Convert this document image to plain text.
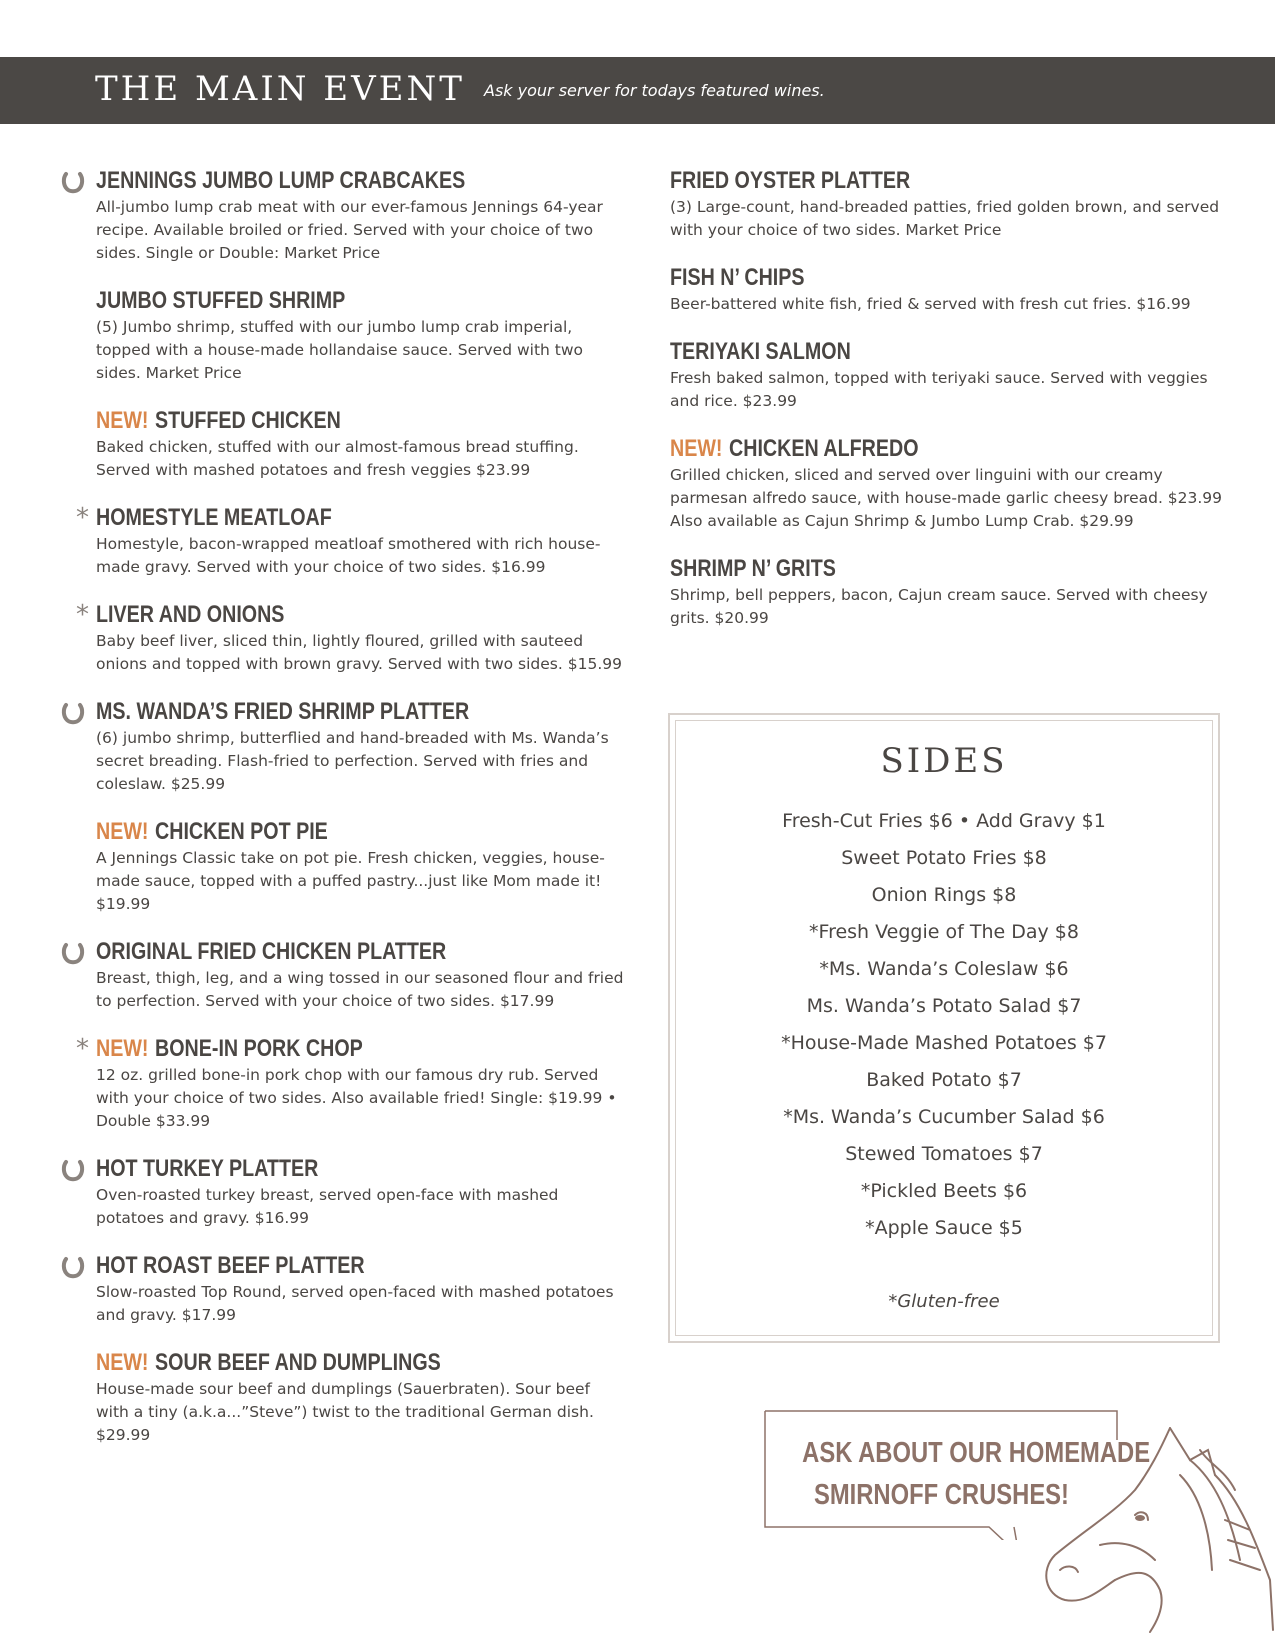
THE MAIN EVENT Ask your server for todays featured wines.
JENNINGS JUMBO LUMP CRABCAKES
All-jumbo lump crab meat with our ever-famous Jennings 64-year recipe. Available broiled or fried. Served with your choice of two sides. Single or Double: Market Price
JUMBO STUFFED SHRIMP
(5) Jumbo shrimp, stuffed with our jumbo lump crab imperial, topped with a house-made hollandaise sauce. Served with two sides. Market Price
NEW! STUFFED CHICKEN
Baked chicken, stuffed with our almost-famous bread stuffing. Served with mashed potatoes and fresh veggies $23.99
* HOMESTYLE MEATLOAF
Homestyle, bacon-wrapped meatloaf smothered with rich house-made gravy. Served with your choice of two sides. $16.99
* LIVER AND ONIONS
Baby beef liver, sliced thin, lightly floured, grilled with sauteed onions and topped with brown gravy. Served with two sides. $15.99
MS. WANDA’S FRIED SHRIMP PLATTER
(6) jumbo shrimp, butterflied and hand-breaded with Ms. Wanda’s secret breading. Flash-fried to perfection. Served with fries and coleslaw. $25.99
NEW! CHICKEN POT PIE
A Jennings Classic take on pot pie. Fresh chicken, veggies, house-made sauce, topped with a puffed pastry...just like Mom made it! $19.99
ORIGINAL FRIED CHICKEN PLATTER
Breast, thigh, leg, and a wing tossed in our seasoned flour and fried to perfection. Served with your choice of two sides. $17.99
* NEW! BONE-IN PORK CHOP
12 oz. grilled bone-in pork chop with our famous dry rub. Served with your choice of two sides. Also available fried! Single: $19.99 • Double $33.99
HOT TURKEY PLATTER
Oven-roasted turkey breast, served open-face with mashed potatoes and gravy. $16.99
HOT ROAST BEEF PLATTER
Slow-roasted Top Round, served open-faced with mashed potatoes and gravy. $17.99
NEW! SOUR BEEF AND DUMPLINGS
House-made sour beef and dumplings (Sauerbraten). Sour beef with a tiny (a.k.a...”Steve”) twist to the traditional German dish. $29.99
FRIED OYSTER PLATTER
(3) Large-count, hand-breaded patties, fried golden brown, and served with your choice of two sides. Market Price
FISH N’ CHIPS
Beer-battered white fish, fried & served with fresh cut fries. $16.99
TERIYAKI SALMON
Fresh baked salmon, topped with teriyaki sauce. Served with veggies and rice. $23.99
NEW! CHICKEN ALFREDO
Grilled chicken, sliced and served over linguini with our creamy parmesan alfredo sauce, with house-made garlic cheesy bread. $23.99 Also available as Cajun Shrimp & Jumbo Lump Crab. $29.99
SHRIMP N’ GRITS
Shrimp, bell peppers, bacon, Cajun cream sauce. Served with cheesy grits. $20.99
SIDES
Fresh-Cut Fries $6 • Add Gravy $1
Sweet Potato Fries $8
Onion Rings $8
*Fresh Veggie of The Day $8
*Ms. Wanda’s Coleslaw $6
Ms. Wanda’s Potato Salad $7
*House-Made Mashed Potatoes $7
Baked Potato $7
*Ms. Wanda’s Cucumber Salad $6
Stewed Tomatoes $7
*Pickled Beets $6
*Apple Sauce $5
*Gluten-free
ASK ABOUT OUR HOMEMADE
SMIRNOFF CRUSHES!
